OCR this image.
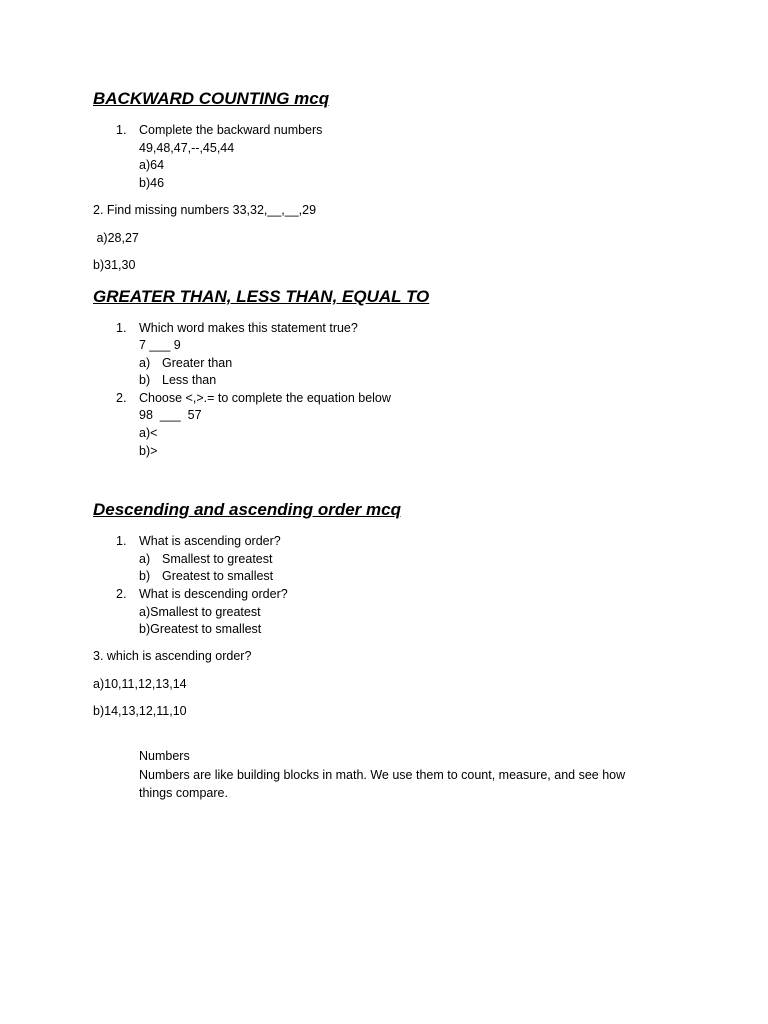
BACKWARD COUNTING mcq
1. Complete the backward numbers
49,48,47,--,45,44
a)64
b)46
2. Find missing numbers 33,32,__,__,29
a)28,27
b)31,30
GREATER THAN, LESS THAN, EQUAL TO
1. Which word makes this statement true?
7 ___ 9
a) Greater than
b) Less than
2. Choose <,>.= to complete the equation below
98  ___  57
a)<
b)>
Descending and ascending order mcq
1. What is ascending order?
a) Smallest to greatest
b) Greatest to smallest
2. What is descending order?
a)Smallest to greatest
b)Greatest to smallest
3. which is ascending order?
a)10,11,12,13,14
b)14,13,12,11,10
Numbers
Numbers are like building blocks in math. We use them to count, measure, and see how things compare.
